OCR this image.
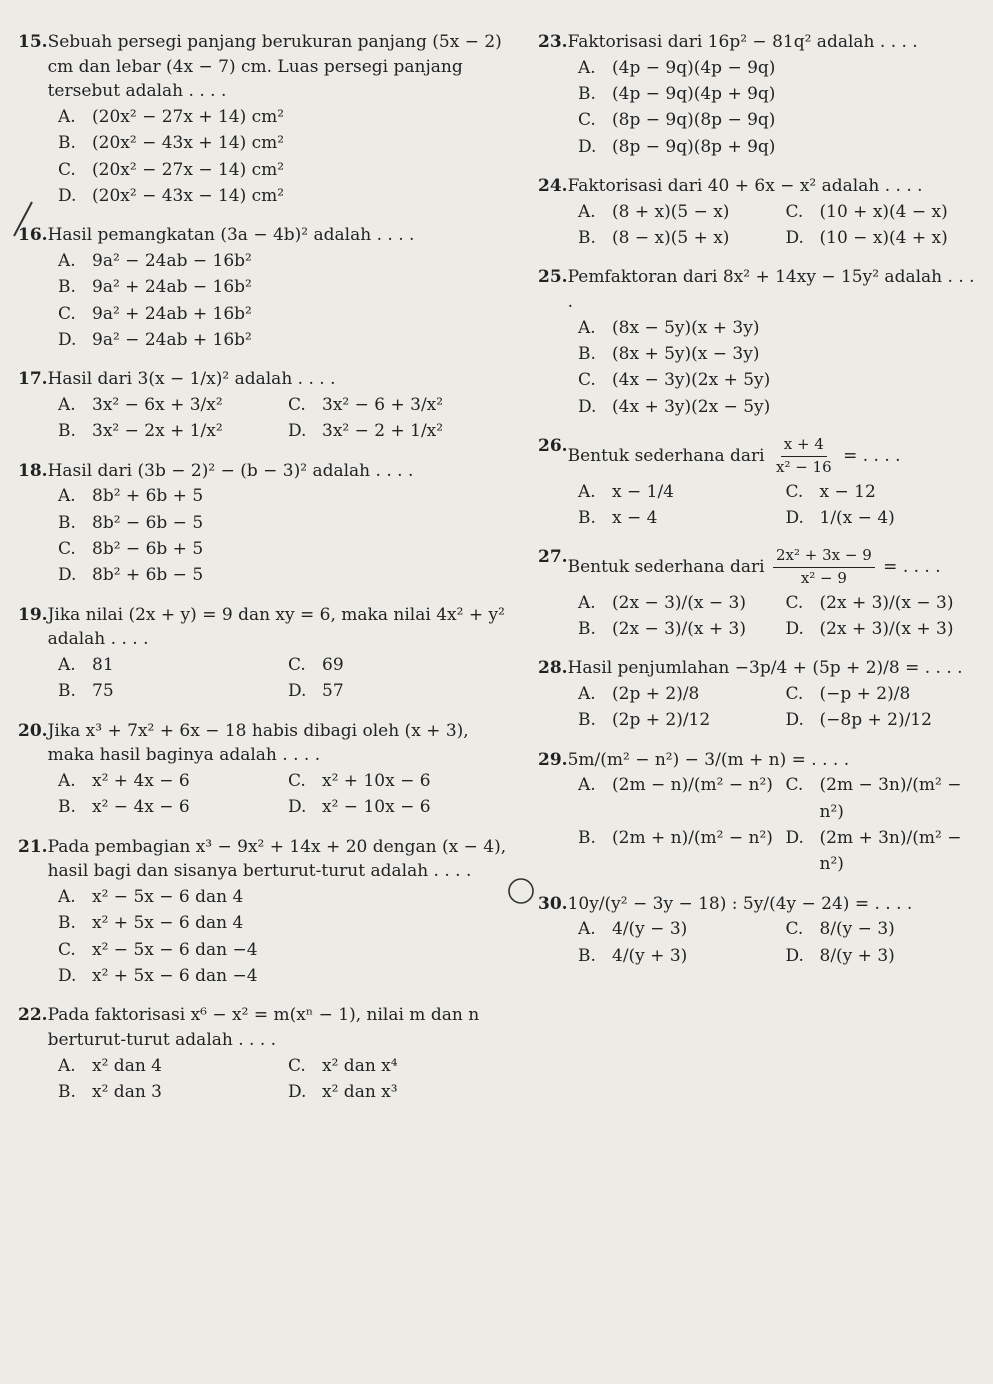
15. Sebuah persegi panjang berukuran panjang (5x − 2) cm dan lebar (4x − 7) cm. Luas persegi panjang tersebut adalah . . . .
A. (20x² − 27x + 14) cm²
B. (20x² − 43x + 14) cm²
C. (20x² − 27x − 14) cm²
D. (20x² − 43x − 14) cm²
16. Hasil pemangkatan (3a − 4b)² adalah . . . .
A. 9a² − 24ab − 16b²
B. 9a² + 24ab − 16b²
C. 9a² + 24ab + 16b²
D. 9a² − 24ab + 16b²
17. Hasil dari 3(x − 1/x)² adalah . . . .
A. 3x² − 6x + 3/x²	C. 3x² − 6 + 3/x²
B. 3x² − 2x + 1/x²	D. 3x² − 2 + 1/x²
18. Hasil dari (3b − 2)² − (b − 3)² adalah . . . .
A. 8b² + 6b + 5
B. 8b² − 6b − 5
C. 8b² − 6b + 5
D. 8b² + 6b − 5
19. Jika nilai (2x + y) = 9 dan xy = 6, maka nilai 4x² + y² adalah . . . .
A. 81	C. 69
B. 75	D. 57
20. Jika x³ + 7x² + 6x − 18 habis dibagi oleh (x + 3), maka hasil baginya adalah . . . .
A. x² + 4x − 6	C. x² + 10x − 6
B. x² − 4x − 6	D. x² − 10x − 6
21. Pada pembagian x³ − 9x² + 14x + 20 dengan (x − 4), hasil bagi dan sisanya berturut-turut adalah . . . .
A. x² − 5x − 6 dan 4
B. x² + 5x − 6 dan 4
C. x² − 5x − 6 dan −4
D. x² + 5x − 6 dan −4
22. Pada faktorisasi x⁶ − x² = m(xⁿ − 1), nilai m dan n berturut-turut adalah . . . .
A. x² dan 4	C. x² dan x⁴
B. x² dan 3	D. x² dan x³
23. Faktorisasi dari 16p² − 81q² adalah . . . .
A. (4p − 9q)(4p − 9q)
B. (4p − 9q)(4p + 9q)
C. (8p − 9q)(8p − 9q)
D. (8p − 9q)(8p + 9q)
24. Faktorisasi dari 40 + 6x − x² adalah . . . .
A. (8 + x)(5 − x)	C. (10 + x)(4 − x)
B. (8 − x)(5 + x)	D. (10 − x)(4 + x)
25. Pemfaktoran dari 8x² + 14xy − 15y² adalah . . . .
A. (8x − 5y)(x + 3y)
B. (8x + 5y)(x − 3y)
C. (4x − 3y)(2x + 5y)
D. (4x + 3y)(2x − 5y)
26. Bentuk sederhana dari $\frac{x + 4}{\text{x² − 16}}$ = . . . .
A. x − 1/4	C. x − 12
B. x − 4	D. 1/(x − 4)
27. Bentuk sederhana dari $\frac{\text{2x² + 3x − 9}}{\text{x² − 9}}$ = . . . .
A. (2x − 3)/(x − 3) C. (2x + 3)/(x − 3)
B. (2x − 3)/(x + 3) D. (2x + 3)/(x + 3)
28. Hasil penjumlahan −3p/4 + (5p + 2)/8 = . . . .
A. (2p + 2)/8	C. (−p + 2)/8
B. (2p + 2)/12	D. (−8p + 2)/12
29. 5m/(m² − n²) − 3/(m + n) = . . . .
A. (2m − n)/(m² − n²) C. (2m − 3n)/(m² − n²)
B. (2m + n)/(m² − n²) D. (2m + 3n)/(m² − n²)
30. 10y/(y² − 3y − 18) : 5y/(4y − 24) = . . . .
A. 4/(y − 3)	C. 8/(y − 3)
B. 4/(y + 3)	D. 8/(y + 3)
